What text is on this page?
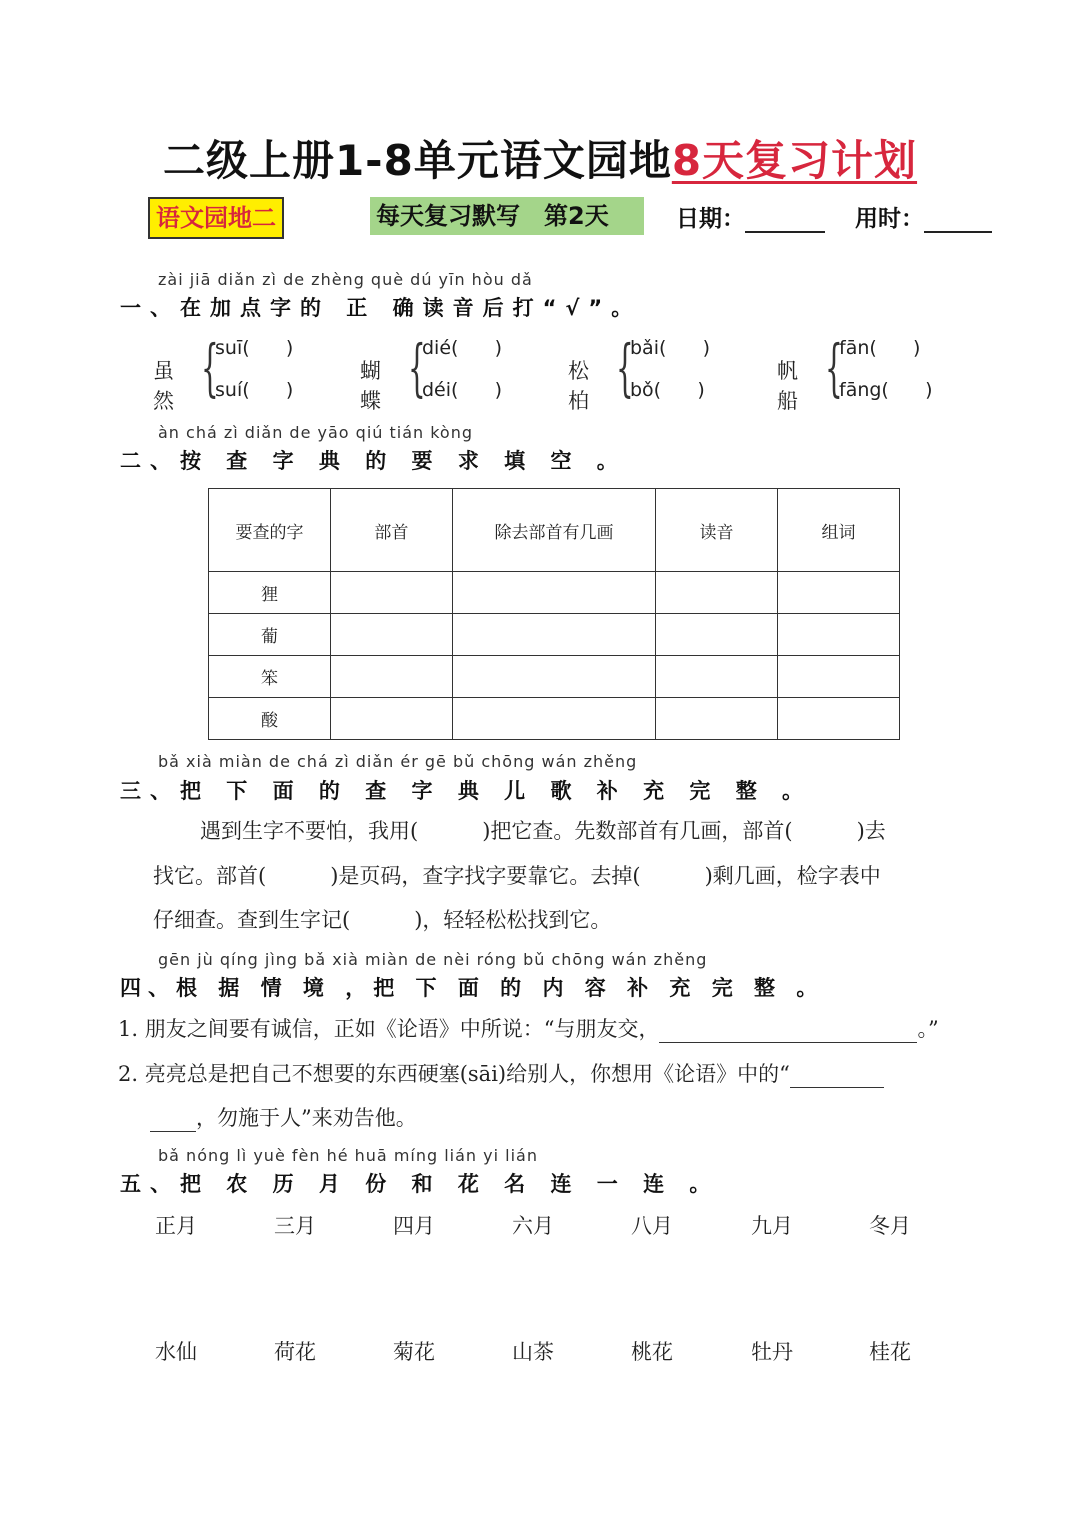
二级上册1-8单元语文园地8天复习计划
语文园地二	每天复习默写　第2天	日期：	用时：
zài jiā diǎn zì de zhèng què dú yīn hòu dǎ
一、在加点字的 正 确读音后打“√”。
虽然 {
suī(      )
suí(      )
蝴蝶 {
dié(      )
déi(      )
松柏 {
bǎi(      )
bǒ(      )
帆船 {
fān(      )
fāng(      )
àn chá zì diǎn de yāo qiú tián kòng
二、按 查 字 典 的 要 求 填 空 。
要查的字	部首	除去部首有几画	读音	组词
狸				
葡				
笨				
酸				
bǎ xià miàn de chá zì diǎn ér gē bǔ chōng wán zhěng
三、把 下 面 的 查 字 典 儿 歌 补 充 完 整 。
遇到生字不要怕，我用(	)把它查。先数部首有几画，部首(	)去
找它。部首(	)是页码，查字找字要靠它。去掉(	)剩几画，检字表中
仔细查。查到生字记(	)，轻轻松松找到它。
gēn jù qíng jìng bǎ xià miàn de nèi róng bǔ chōng wán zhěng
四、根 据 情 境 ，把 下 面 的 内 容 补 充 完 整 。
1. 朋友之间要有诚信，正如《论语》中所说：“与朋友交，	。”
2. 亮亮总是把自己不想要的东西硬塞(sāi)给别人，你想用《论语》中的“
，勿施于人”来劝告他。
bǎ nóng lì yuè fèn hé huā míng lián yi lián
五、把 农 历 月 份 和 花 名 连 一 连 。
正月	三月	四月	六月	八月	九月	冬月
水仙	荷花	菊花	山茶	桃花	牡丹	桂花
